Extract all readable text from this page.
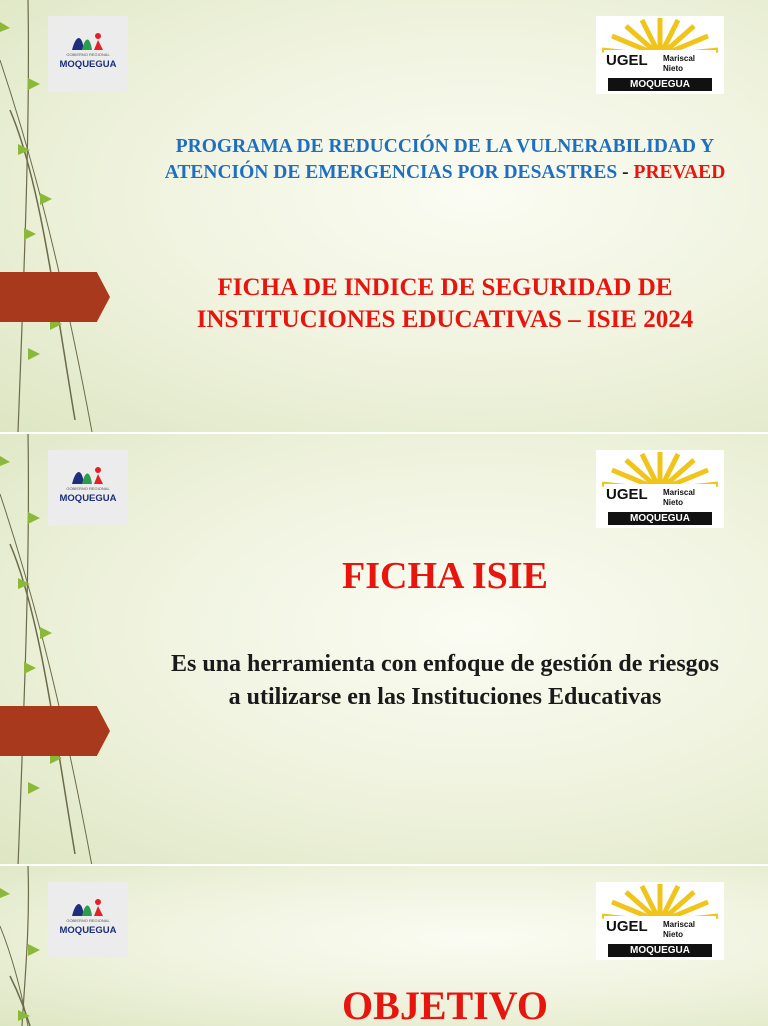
GOBIERNO REGIONAL
MOQUEGUA	UGEL Mariscal
Nieto
MOQUEGUA
PROGRAMA DE REDUCCIÓN DE LA VULNERABILIDAD Y ATENCIÓN DE EMERGENCIAS POR DESASTRES - PREVAED
FICHA DE INDICE DE SEGURIDAD DE INSTITUCIONES EDUCATIVAS – ISIE 2024
GOBIERNO REGIONAL
MOQUEGUA	UGEL Mariscal
Nieto
MOQUEGUA
FICHA ISIE
Es una herramienta con enfoque de gestión de riesgos a utilizarse en las Instituciones Educativas
GOBIERNO REGIONAL
MOQUEGUA	UGEL Mariscal
Nieto
MOQUEGUA
OBJETIVO
